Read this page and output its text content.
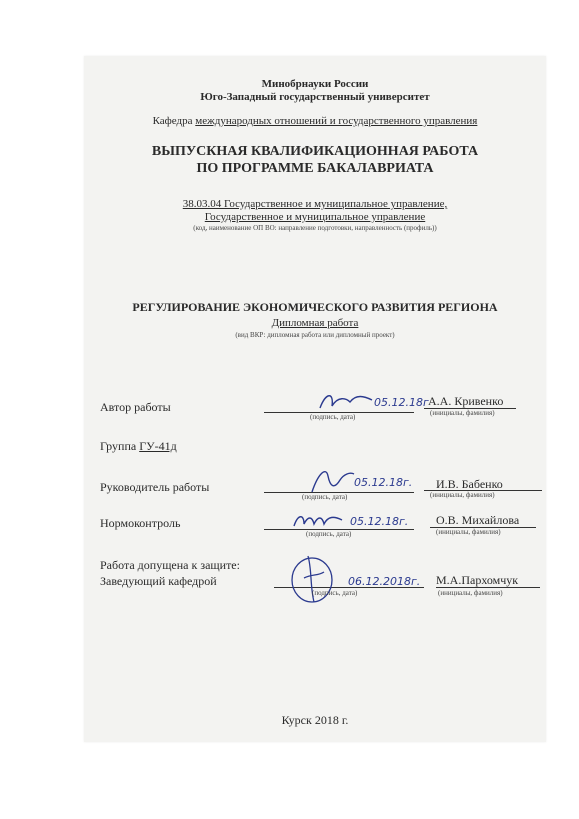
Минобрнауки России
Юго-Западный государственный университет
Кафедра международных отношений и государственного управления
ВЫПУСКНАЯ КВАЛИФИКАЦИОННАЯ РАБОТА
ПО ПРОГРАММЕ БАКАЛАВРИАТА
38.03.04 Государственное и муниципальное управление,
Государственное и муниципальное управление
(код, наименование ОП ВО: направление подготовки, направленность (профиль))
РЕГУЛИРОВАНИЕ ЭКОНОМИЧЕСКОГО РАЗВИТИЯ РЕГИОНА
Дипломная работа
(вид ВКР: дипломная работа или дипломный проект)
Автор работы	05.12.18г А.А. Кривенко
(подпись, дата)	(инициалы, фамилия)
Группа ГУ-41д
Руководитель работы	05.12.18г. И.В. Бабенко
(подпись, дата)	(инициалы, фамилия)
Нормоконтроль	05.12.18г. О.В. Михайлова
(подпись, дата)	(инициалы, фамилия)
Работа допущена к защите:
Заведующий кафедрой	06.12.2018г. М.А.Пархомчук
(подпись, дата)	(инициалы, фамилия)
Курск 2018 г.
